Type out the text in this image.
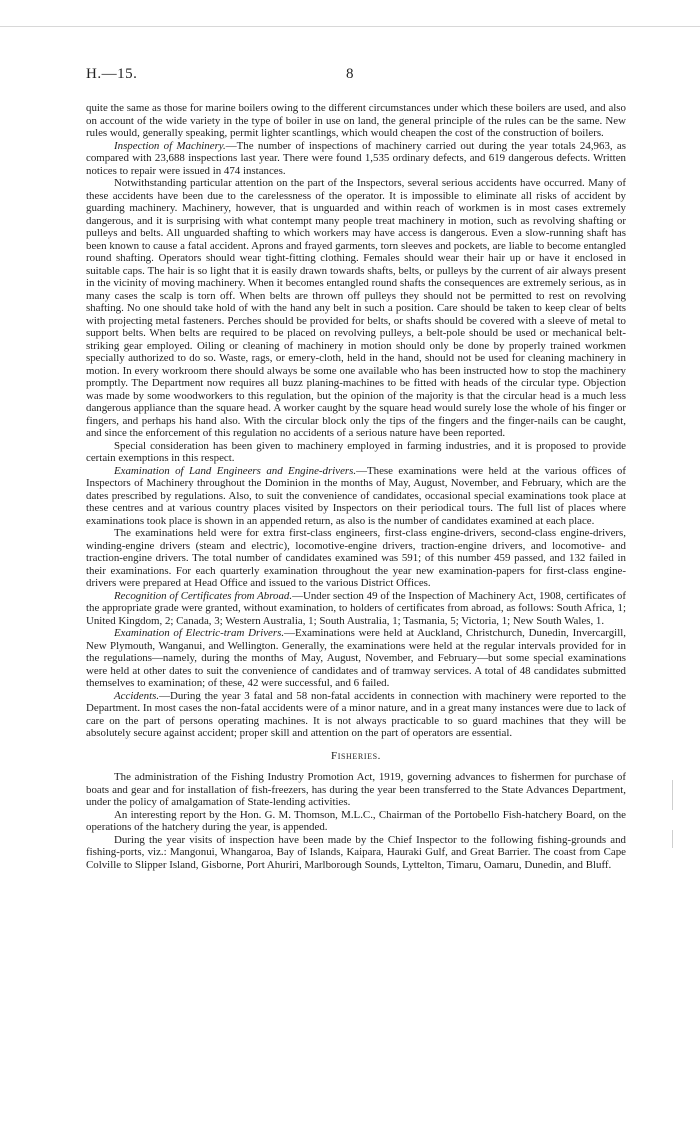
H.—15.	8

quite the same as those for marine boilers owing to the different circumstances under which these boilers are used, and also on account of the wide variety in the type of boiler in use on land, the general principle of the rules can be the same. New rules would, generally speaking, permit lighter scantlings, which would cheapen the cost of the construction of boilers.

Inspection of Machinery.—The number of inspections of machinery carried out during the year totals 24,963, as compared with 23,688 inspections last year. There were found 1,535 ordinary defects, and 619 dangerous defects. Written notices to repair were issued in 474 instances.

Notwithstanding particular attention on the part of the Inspectors, several serious accidents have occurred. Many of these accidents have been due to the carelessness of the operator. It is impossible to eliminate all risks of accident by guarding machinery. Machinery, however, that is unguarded and within reach of workmen is in most cases extremely dangerous, and it is surprising with what contempt many people treat machinery in motion, such as revolving shafting or pulleys and belts. All unguarded shafting to which workers may have access is dangerous. Even a slow-running shaft has been known to cause a fatal accident. Aprons and frayed garments, torn sleeves and pockets, are liable to become entangled round shafting. Operators should wear tight-fitting clothing. Females should wear their hair up or have it enclosed in suitable caps. The hair is so light that it is easily drawn towards shafts, belts, or pulleys by the current of air always present in the vicinity of moving machinery. When it becomes entangled round shafts the consequences are extremely serious, as in many cases the scalp is torn off. When belts are thrown off pulleys they should not be permitted to rest on revolving shafting. No one should take hold of with the hand any belt in such a position. Care should be taken to keep clear of belts with projecting metal fasteners. Perches should be provided for belts, or shafts should be covered with a sleeve of metal to support belts. When belts are required to be placed on revolving pulleys, a belt-pole should be used or mechanical belt-striking gear employed. Oiling or cleaning of machinery in motion should only be done by properly trained workmen specially authorized to do so. Waste, rags, or emery-cloth, held in the hand, should not be used for cleaning machinery in motion. In every workroom there should always be some one available who has been instructed how to stop the machinery promptly. The Department now requires all buzz planing-machines to be fitted with heads of the circular type. Objection was made by some woodworkers to this regulation, but the opinion of the majority is that the circular head is a much less dangerous appliance than the square head. A worker caught by the square head would surely lose the whole of his finger or fingers, and perhaps his hand also. With the circular block only the tips of the fingers and the finger-nails can be caught, and since the enforcement of this regulation no accidents of a serious nature have been reported.

Special consideration has been given to machinery employed in farming industries, and it is proposed to provide certain exemptions in this respect.

Examination of Land Engineers and Engine-drivers.—These examinations were held at the various offices of Inspectors of Machinery throughout the Dominion in the months of May, August, November, and February, which are the dates prescribed by regulations. Also, to suit the convenience of candidates, occasional special examinations took place at these centres and at various country places visited by Inspectors on their periodical tours. The full list of places where examinations took place is shown in an appended return, as also is the number of candidates examined at each place.

The examinations held were for extra first-class engineers, first-class engine-drivers, second-class engine-drivers, winding-engine drivers (steam and electric), locomotive-engine drivers, traction-engine drivers, and locomotive- and traction-engine drivers. The total number of candidates examined was 591; of this number 459 passed, and 132 failed in their examinations. For each quarterly examination throughout the year new examination-papers for first-class engine-drivers were prepared at Head Office and issued to the various District Offices.

Recognition of Certificates from Abroad.—Under section 49 of the Inspection of Machinery Act, 1908, certificates of the appropriate grade were granted, without examination, to holders of certificates from abroad, as follows: South Africa, 1; United Kingdom, 2; Canada, 3; Western Australia, 1; South Australia, 1; Tasmania, 5; Victoria, 1; New South Wales, 1.

Examination of Electric-tram Drivers.—Examinations were held at Auckland, Christchurch, Dunedin, Invercargill, New Plymouth, Wanganui, and Wellington. Generally, the examinations were held at the regular intervals provided for in the regulations—namely, during the months of May, August, November, and February—but some special examinations were held at other dates to suit the convenience of candidates and of tramway services. A total of 48 candidates submitted themselves to examination; of these, 42 were successful, and 6 failed.

Accidents.—During the year 3 fatal and 58 non-fatal accidents in connection with machinery were reported to the Department. In most cases the non-fatal accidents were of a minor nature, and in a great many instances were due to lack of care on the part of persons operating machines. It is not always practicable to so guard machines that they will be absolutely secure against accident; proper skill and attention on the part of operators are essential.

Fisheries.

The administration of the Fishing Industry Promotion Act, 1919, governing advances to fishermen for purchase of boats and gear and for installation of fish-freezers, has during the year been transferred to the State Advances Department, under the policy of amalgamation of State-lending activities.

An interesting report by the Hon. G. M. Thomson, M.L.C., Chairman of the Portobello Fish-hatchery Board, on the operations of the hatchery during the year, is appended.

During the year visits of inspection have been made by the Chief Inspector to the following fishing-grounds and fishing-ports, viz.: Mangonui, Whangaroa, Bay of Islands, Kaipara, Hauraki Gulf, and Great Barrier. The coast from Cape Colville to Slipper Island, Gisborne, Port Ahuriri, Marlborough Sounds, Lyttelton, Timaru, Oamaru, Dunedin, and Bluff.
